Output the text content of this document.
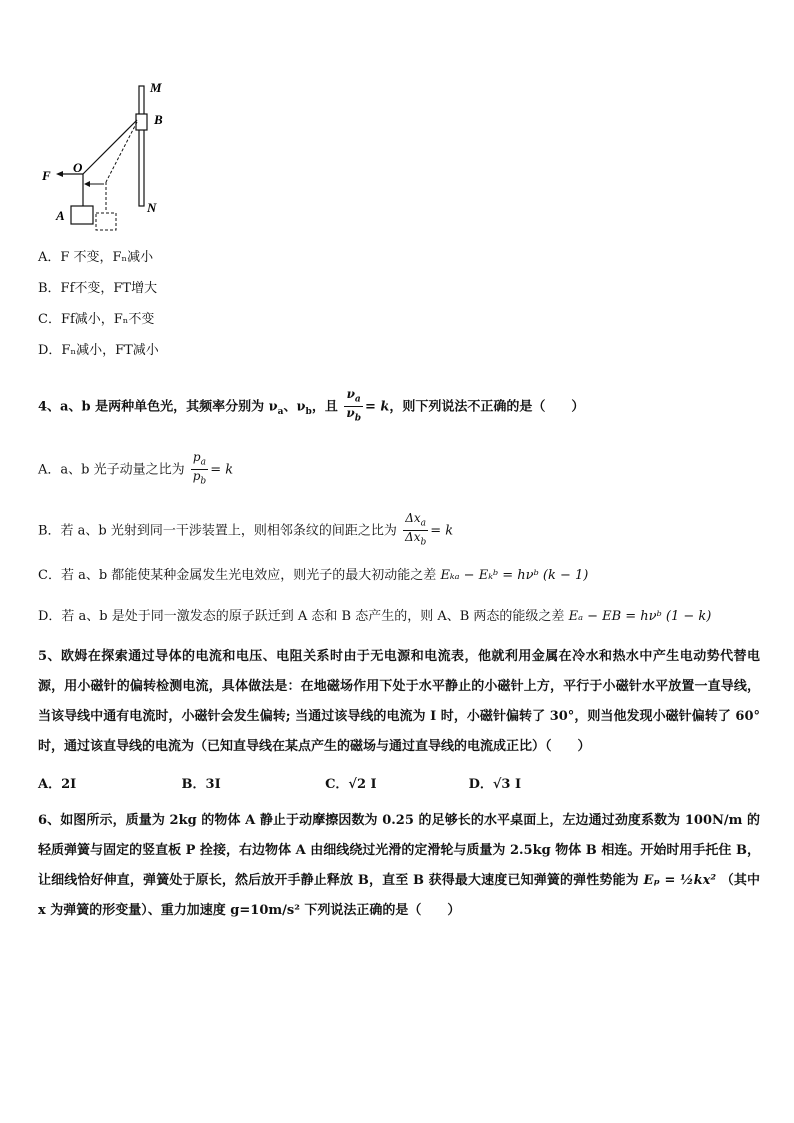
M
B
O
F
A
N
A．F 不变，Fₙ减小
B．Ff不变，FT增大
C．Ff减小，Fₙ不变
D．Fₙ减小，FT减小
4、a、b 是两种单色光，其频率分别为 $\nu_a$、$\nu_b$，且 $\frac{\nu_a}{\nu_b} = k$，则下列说法不正确的是（　　）
A．a、b 光子动量之比为 $\frac{p_a}{p_b} = k$
B．若 a、b 光射到同一干涉装置上，则相邻条纹的间距之比为 $\frac{\Delta x_a}{\Delta x_b} = k$
C．若 a、b 都能使某种金属发生光电效应，则光子的最大初动能之差 Eₖₐ − Eₖᵇ = hνᵇ (k − 1)
D．若 a、b 是处于同一激发态的原子跃迁到 A 态和 B 态产生的，则 A、B 两态的能级之差 Eₐ − EB = hνᵇ (1 − k)
5、欧姆在探索通过导体的电流和电压、电阻关系时由于无电源和电流表，他就利用金属在冷水和热水中产生电动势代替电源，用小磁针的偏转检测电流，具体做法是：在地磁场作用下处于水平静止的小磁针上方，平行于小磁针水平放置一直导线，当该导线中通有电流时，小磁针会发生偏转; 当通过该导线的电流为 I 时，小磁针偏转了 30°，则当他发现小磁针偏转了 60°时，通过该直导线的电流为（已知直导线在某点产生的磁场与通过直导线的电流成正比）（　　）
A．2I	B．3I	C．√2 I	D．√3 I
6、如图所示，质量为 2kg 的物体 A 静止于动摩擦因数为 0.25 的足够长的水平桌面上，左边通过劲度系数为 100N/m 的轻质弹簧与固定的竖直板 P 拴接，右边物体 A 由细线绕过光滑的定滑轮与质量为 2.5kg 物体 B 相连。开始时用手托住 B，让细线恰好伸直，弹簧处于原长，然后放开手静止释放 B，直至 B 获得最大速度已知弹簧的弹性势能为 Eₚ = ½kx² （其中 x 为弹簧的形变量）、重力加速度 g=10m/s² 下列说法正确的是（　　）
